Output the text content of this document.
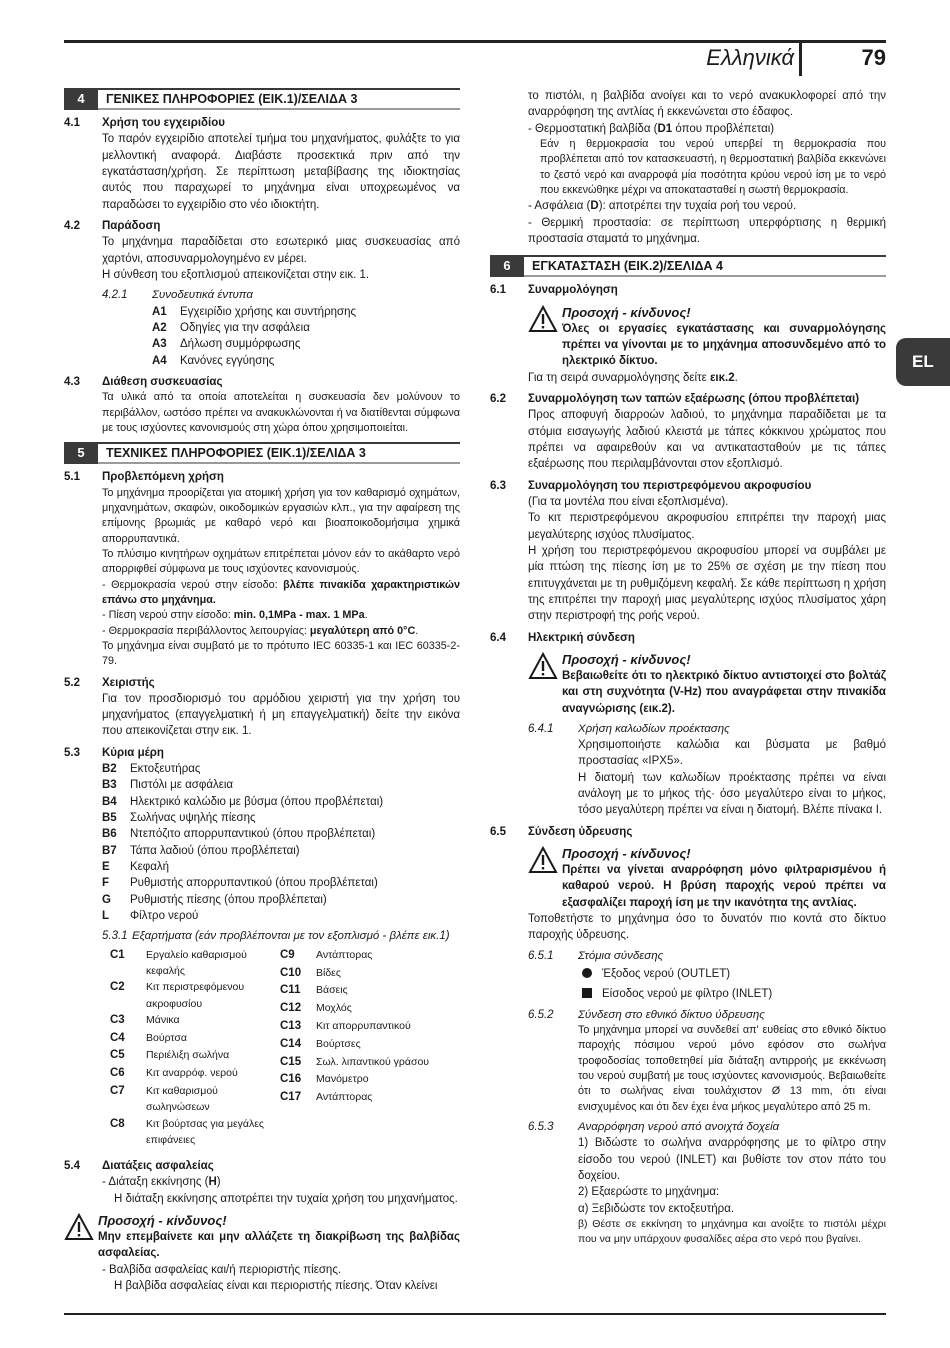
Ελληνικά	79
EL
4	ΓΕΝΙΚΕΣ ΠΛΗΡΟΦΟΡΙΕΣ (ΕΙΚ.1)/ΣΕΛΙΔΑ 3
4.1	Χρήση του εγχειριδίου
Το παρόν εγχειρίδιο αποτελεί τμήμα του μηχανήματος, φυλάξτε το για μελλοντική αναφορά. Διαβάστε προσεκτικά πριν από την εγκατάσταση/χρήση. Σε περίπτωση μεταβίβασης της ιδιοκτησίας αυτός που παραχωρεί το μηχάνημα είναι υποχρεωμένος να παραδώσει το εγχειρίδιο στο νέο ιδιοκτήτη.
4.2	Παράδοση
Το μηχάνημα παραδίδεται στο εσωτερικό μιας συσκευασίας από χαρτόνι, αποσυναρμολογημένο εν μέρει.
Η σύνθεση του εξοπλισμού απεικονίζεται στην εικ. 1.
4.2.1	Συνοδευτικά έντυπα
A1	Εγχειρίδιο χρήσης και συντήρησης
A2	Οδηγίες για την ασφάλεια
A3	Δήλωση συμμόρφωσης
A4	Κανόνες εγγύησης
4.3	Διάθεση συσκευασίας
Τα υλικά από τα οποία αποτελείται η συσκευασία δεν μολύνουν το περιβάλλον, ωστόσο πρέπει να ανακυκλώνονται ή να διατίθενται σύμφωνα με τους ισχύοντες κανονισμούς στη χώρα όπου χρησιμοποιείται.
5	ΤΕΧΝΙΚΕΣ ΠΛΗΡΟΦΟΡΙΕΣ (ΕΙΚ.1)/ΣΕΛΙΔΑ 3
5.1	Προβλεπόμενη χρήση
Το μηχάνημα προορίζεται για ατομική χρήση για τον καθαρισμό οχημάτων, μηχανημάτων, σκαφών, οικοδομικών εργασιών κλπ., για την αφαίρεση της επίμονης βρωμιάς με καθαρό νερό και βιοαποικοδομήσιμα χημικά απορρυπαντικά.
Το πλύσιμο κινητήρων οχημάτων επιτρέπεται μόνον εάν το ακάθαρτο νερό απορριφθεί σύμφωνα με τους ισχύοντες κανονισμούς.
- Θερμοκρασία νερού στην είσοδο: βλέπε πινακίδα χαρακτηριστικών επάνω στο μηχάνημα.
- Πίεση νερού στην είσοδο: min. 0,1MPa - max. 1 MPa.
- Θερμοκρασία περιβάλλοντος λειτουργίας: μεγαλύτερη από 0°C.
Το μηχάνημα είναι συμβατό με το πρότυπο IEC 60335-1 και IEC 60335-2-79.
5.2	Χειριστής
Για τον προσδιορισμό του αρμόδιου χειριστή για την χρήση του μηχανήματος (επαγγελματική ή μη επαγγελματική) δείτε την εικόνα που απεικονίζεται στην εικ. 1.
5.3	Κύρια μέρη
B2	Εκτοξευτήρας
B3	Πιστόλι με ασφάλεια
B4	Ηλεκτρικό καλώδιο με βύσμα (όπου προβλέπεται)
B5	Σωλήνας υψηλής πίεσης
B6	Ντεπόζιτο απορρυπαντικού (όπου προβλέπεται)
B7	Τάπα λαδιού (όπου προβλέπεται)
E	Κεφαλή
F	Ρυθμιστής απορρυπαντικού (όπου προβλέπεται)
G	Ρυθμιστής πίεσης (όπου προβλέπεται)
L	Φίλτρο νερού
5.3.1 Εξαρτήματα (εάν προβλέπονται με τον εξοπλισμό - βλέπε εικ.1)
C1	Εργαλείο καθαρισμού κεφαλής
C2	Κιτ περιστρεφόμενου ακροφυσίου
C3	Μάνικα
C4	Βούρτσα
C5	Περιέλιξη σωλήνα
C6	Κιτ αναρρόφ. νερού
C7	Κιτ καθαρισμού σωληνώσεων
C8	Κιτ βούρτσας για μεγάλες επιφάνειες
C9	Αντάπτορας
C10	Βίδες
C11	Βάσεις
C12	Μοχλός
C13	Κιτ απορρυπαντικού
C14	Βούρτσες
C15	Σωλ. λιπαντικού γράσου
C16	Μανόμετρο
C17	Αντάπτορας
5.4	Διατάξεις ασφαλείας
- Διάταξη εκκίνησης (H)
Η διάταξη εκκίνησης αποτρέπει την τυχαία χρήση του μηχανήματος.
Προσοχή - κίνδυνος!
Μην επεμβαίνετε και μην αλλάζετε τη διακρίβωση της βαλβίδας ασφαλείας.
- Βαλβίδα ασφαλείας και/ή περιοριστής πίεσης.
Η βαλβίδα ασφαλείας είναι και περιοριστής πίεσης. Όταν κλείνει
το πιστόλι, η βαλβίδα ανοίγει και το νερό ανακυκλοφορεί από την αναρρόφηση της αντλίας ή εκκενώνεται στο έδαφος.
- Θερμοστατική βαλβίδα (D1 όπου προβλέπεται)
Εάν η θερμοκρασία του νερού υπερβεί τη θερμοκρασία που προβλέπεται από τον κατασκευαστή, η θερμοστατική βαλβίδα εκκενώνει το ζεστό νερό και αναρροφά μία ποσότητα κρύου νερού ίση με το νερό που εκκενώθηκε μέχρι να αποκατασταθεί η σωστή θερμοκρασία.
- Ασφάλεια (D): αποτρέπει την τυχαία ροή του νερού.
- Θερμική προστασία: σε περίπτωση υπερφόρτισης η θερμική προστασία σταματά το μηχάνημα.
6	ΕΓΚΑΤΑΣΤΑΣΗ (ΕΙΚ.2)/ΣΕΛΙΔΑ 4
6.1	Συναρμολόγηση
Προσοχή - κίνδυνος!
Όλες οι εργασίες εγκατάστασης και συναρμολόγησης πρέπει να γίνονται με το μηχάνημα αποσυνδεμένο από το ηλεκτρικό δίκτυο.
Για τη σειρά συναρμολόγησης δείτε εικ.2.
6.2	Συναρμολόγηση των ταπών εξαέρωσης (όπου προβλέπεται)
Προς αποφυγή διαρροών λαδιού, το μηχάνημα παραδίδεται με τα στόμια εισαγωγής λαδιού κλειστά με τάπες κόκκινου χρώματος που πρέπει να αφαιρεθούν και να αντικατασταθούν με τις τάπες εξαέρωσης που περιλαμβάνονται στον εξοπλισμό.
6.3	Συναρμολόγηση του περιστρεφόμενου ακροφυσίου
(Για τα μοντέλα που είναι εξοπλισμένα).
Το κιτ περιστρεφόμενου ακροφυσίου επιτρέπει την παροχή μιας μεγαλύτερης ισχύος πλυσίματος.
Η χρήση του περιστρεφόμενου ακροφυσίου μπορεί να συμβάλει με μία πτώση της πίεσης ίση με το 25% σε σχέση με την πίεση που επιτυγχάνεται με τη ρυθμιζόμενη κεφαλή. Σε κάθε περίπτωση η χρήση της επιτρέπει την παροχή μιας μεγαλύτερης ισχύος πλυσίματος χάρη στην περιστροφή της ροής νερού.
6.4	Ηλεκτρική σύνδεση
Προσοχή - κίνδυνος!
Βεβαιωθείτε ότι το ηλεκτρικό δίκτυο αντιστοιχεί στο βολτάζ και στη συχνότητα (V-Hz) που αναγράφεται στην πινακίδα αναγνώρισης (εικ.2).
6.4.1	Χρήση καλωδίων προέκτασης
Χρησιμοποιήστε καλώδια και βύσματα με βαθμό προστασίας «IPX5».
Η διατομή των καλωδίων προέκτασης πρέπει να είναι ανάλογη με το μήκος τής· όσο μεγαλύτερο είναι το μήκος, τόσο μεγαλύτερη πρέπει να είναι η διατομή. Βλέπε πίνακα I.
6.5	Σύνδεση ύδρευσης
Προσοχή - κίνδυνος!
Πρέπει να γίνεται αναρρόφηση μόνο φιλτραρισμένου ή καθαρού νερού. Η βρύση παροχής νερού πρέπει να εξασφαλίζει παροχή ίση με την ικανότητα της αντλίας.
Τοποθετήστε το μηχάνημα όσο το δυνατόν πιο κοντά στο δίκτυο παροχής ύδρευσης.
6.5.1	Στόμια σύνδεσης
Έξοδος νερού (OUTLET)
Είσοδος νερού με φίλτρο (INLET)
6.5.2	Σύνδεση στο εθνικό δίκτυο ύδρευσης
Το μηχάνημα μπορεί να συνδεθεί απ' ευθείας στο εθνικό δίκτυο παροχής πόσιμου νερού μόνο εφόσον στο σωλήνα τροφοδοσίας τοποθετηθεί μία διάταξη αντιρροής με εκκένωση του νερού συμβατή με τους ισχύοντες κανονισμούς. Βεβαιωθείτε ότι το σωλήνας είναι τουλάχιστον Ø 13 mm, ότι είναι ενισχυμένος και ότι δεν έχει ένα μήκος μεγαλύτερο από 25 m.
6.5.3	Αναρρόφηση νερού από ανοιχτά δοχεία
1) Βιδώστε το σωλήνα αναρρόφησης με το φίλτρο στην είσοδο του νερού (INLET) και βυθίστε τον στον πάτο του δοχείου.
2) Εξαερώστε το μηχάνημα:
α) Ξεβιδώστε τον εκτοξευτήρα.
β) Θέστε σε εκκίνηση το μηχάνημα και ανοίξτε το πιστόλι μέχρι που να μην υπάρχουν φυσαλίδες αέρα στο νερό που βγαίνει.
